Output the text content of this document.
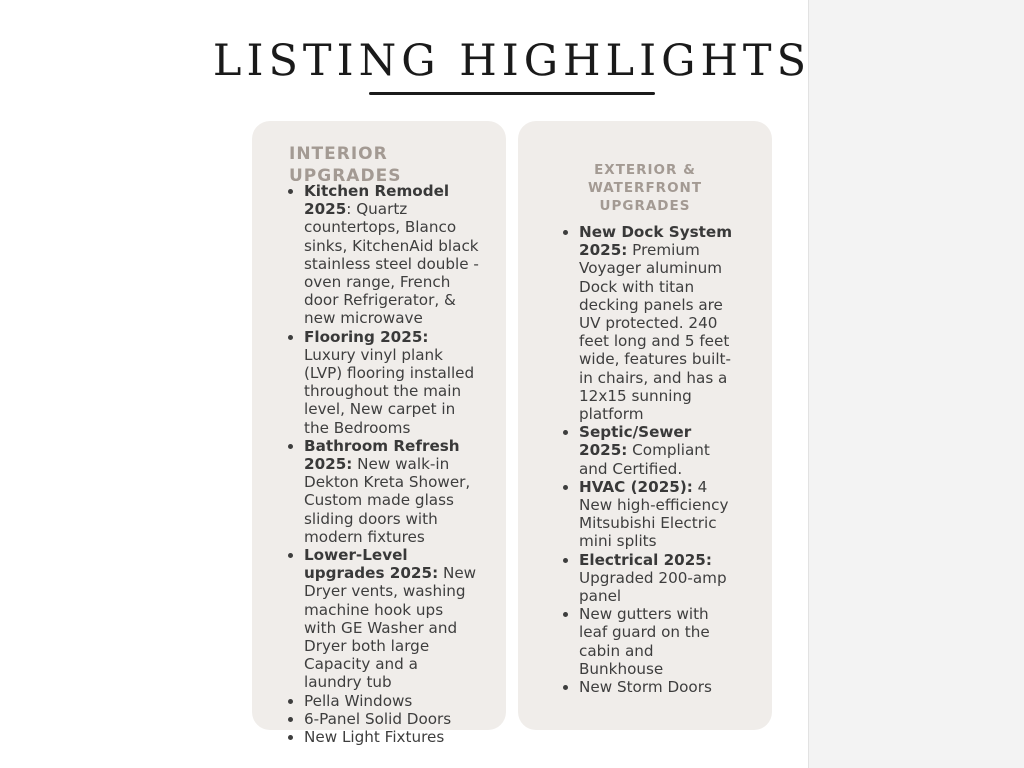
LISTING HIGHLIGHTS
INTERIOR UPGRADES
• Kitchen Remodel 2025: Quartz countertops, Blanco sinks, KitchenAid black stainless steel double -oven range, French door Refrigerator, & new microwave
• Flooring 2025: Luxury vinyl plank (LVP) flooring installed throughout the main level, New carpet in the Bedrooms
• Bathroom Refresh 2025: New walk-in Dekton Kreta Shower, Custom made glass sliding doors with modern fixtures
• Lower-Level upgrades 2025: New Dryer vents, washing machine hook ups with GE Washer and Dryer both large Capacity and a laundry tub
• Pella Windows
• 6-Panel Solid Doors
• New Light Fixtures
EXTERIOR & WATERFRONT UPGRADES
• New Dock System 2025: Premium Voyager aluminum Dock with titan decking panels are UV protected. 240 feet long and 5 feet wide, features built-in chairs, and has a 12x15 sunning platform
• Septic/Sewer 2025: Compliant and Certified.
• HVAC (2025): 4 New high-efficiency Mitsubishi Electric mini splits
• Electrical 2025: Upgraded 200-amp panel
• New gutters with leaf guard on the cabin and Bunkhouse
• New Storm Doors
